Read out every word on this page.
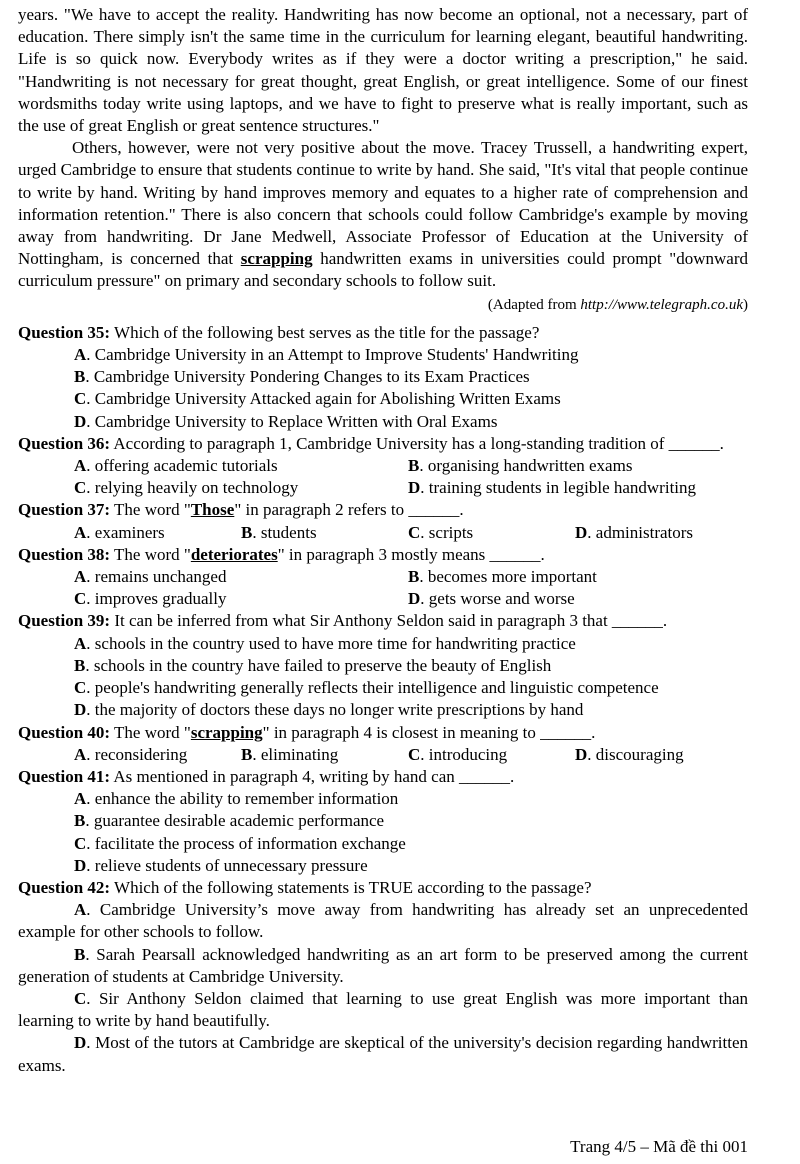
years. "We have to accept the reality. Handwriting has now become an optional, not a necessary, part of education. There simply isn't the same time in the curriculum for learning elegant, beautiful handwriting. Life is so quick now. Everybody writes as if they were a doctor writing a prescription," he said. "Handwriting is not necessary for great thought, great English, or great intelligence. Some of our finest wordsmiths today write using laptops, and we have to fight to preserve what is really important, such as the use of great English or great sentence structures."

Others, however, were not very positive about the move. Tracey Trussell, a handwriting expert, urged Cambridge to ensure that students continue to write by hand. She said, "It's vital that people continue to write by hand. Writing by hand improves memory and equates to a higher rate of comprehension and information retention." There is also concern that schools could follow Cambridge's example by moving away from handwriting. Dr Jane Medwell, Associate Professor of Education at the University of Nottingham, is concerned that scrapping handwritten exams in universities could prompt "downward curriculum pressure" on primary and secondary schools to follow suit.

(Adapted from http://www.telegraph.co.uk)

Question 35: Which of the following best serves as the title for the passage?

A. Cambridge University in an Attempt to Improve Students' Handwriting
B. Cambridge University Pondering Changes to its Exam Practices
C. Cambridge University Attacked again for Abolishing Written Exams
D. Cambridge University to Replace Written with Oral Exams

Question 36: According to paragraph 1, Cambridge University has a long-standing tradition of ______.

A. offering academic tutorials	B. organising handwritten exams
C. relying heavily on technology	D. training students in legible handwriting

Question 37: The word "Those" in paragraph 2 refers to ______.

A. examiners	B. students	C. scripts	D. administrators

Question 38: The word "deteriorates" in paragraph 3 mostly means ______.

A. remains unchanged	B. becomes more important
C. improves gradually	D. gets worse and worse

Question 39: It can be inferred from what Sir Anthony Seldon said in paragraph 3 that ______.

A. schools in the country used to have more time for handwriting practice
B. schools in the country have failed to preserve the beauty of English
C. people's handwriting generally reflects their intelligence and linguistic competence
D. the majority of doctors these days no longer write prescriptions by hand

Question 40: The word "scrapping" in paragraph 4 is closest in meaning to ______.

A. reconsidering	B. eliminating	C. introducing	D. discouraging

Question 41: As mentioned in paragraph 4, writing by hand can ______.

A. enhance the ability to remember information
B. guarantee desirable academic performance
C. facilitate the process of information exchange
D. relieve students of unnecessary pressure

Question 42: Which of the following statements is TRUE according to the passage?

A. Cambridge University’s move away from handwriting has already set an unprecedented example for other schools to follow.

B. Sarah Pearsall acknowledged handwriting as an art form to be preserved among the current generation of students at Cambridge University.

C. Sir Anthony Seldon claimed that learning to use great English was more important than learning to write by hand beautifully.

D. Most of the tutors at Cambridge are skeptical of the university's decision regarding handwritten exams.

Trang 4/5 – Mã đề thi 001
